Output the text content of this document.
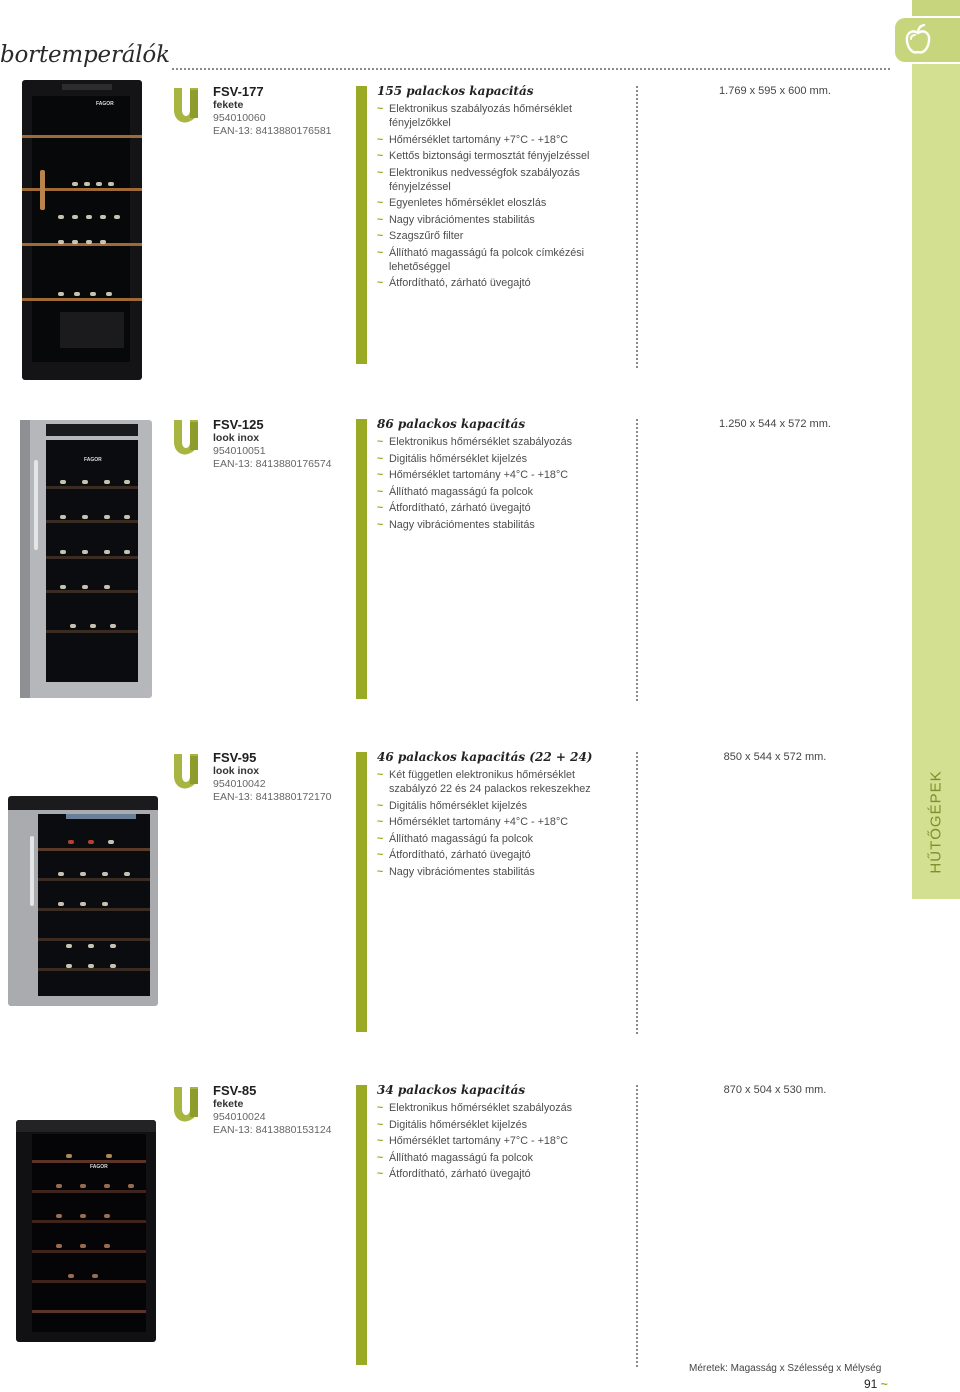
bortemperálók
HŰTŐGÉPEK
FAGOR
FSV-177
fekete
954010060
EAN-13: 8413880176581
155 palackos kapacitás
~ Elektronikus szabályozás hőmérséklet fényjelzőkkel
~ Hőmérséklet tartomány +7°C - +18°C
~ Kettős biztonsági termosztát fényjelzéssel
~ Elektronikus nedvességfok szabályozás fényjelzéssel
~ Egyenletes hőmérséklet eloszlás
~ Nagy vibrációmentes stabilitás
~ Szagszűrő filter
~ Állítható magasságú fa polcok címkézési lehetőséggel
~ Átfordítható, zárható üvegajtó
1.769 x 595 x 600 mm.
FAGOR
FSV-125
look inox
954010051
EAN-13: 8413880176574
86 palackos kapacitás
~ Elektronikus hőmérséklet szabályozás
~ Digitális hőmérséklet kijelzés
~ Hőmérséklet tartomány +4°C - +18°C
~ Állítható magasságú fa polcok
~ Átfordítható, zárható üvegajtó
~ Nagy vibrációmentes stabilitás
1.250 x 544 x 572 mm.
FSV-95
look inox
954010042
EAN-13: 8413880172170
46 palackos kapacitás (22 + 24)
~ Két független elektronikus hőmérséklet szabályzó 22 és 24 palackos rekeszekhez
~ Digitális hőmérséklet kijelzés
~ Hőmérséklet tartomány +4°C - +18°C
~ Állítható magasságú fa polcok
~ Átfordítható, zárható üvegajtó
~ Nagy vibrációmentes stabilitás
850 x 544 x 572 mm.
FAGOR
FSV-85
fekete
954010024
EAN-13: 8413880153124
34 palackos kapacitás
~ Elektronikus hőmérséklet szabályozás
~ Digitális hőmérséklet kijelzés
~ Hőmérséklet tartomány +7°C - +18°C
~ Állítható magasságú fa polcok
~ Átfordítható, zárható üvegajtó
870 x 504 x 530 mm.
Méretek: Magasság x Szélesség x Mélység
91 ~
